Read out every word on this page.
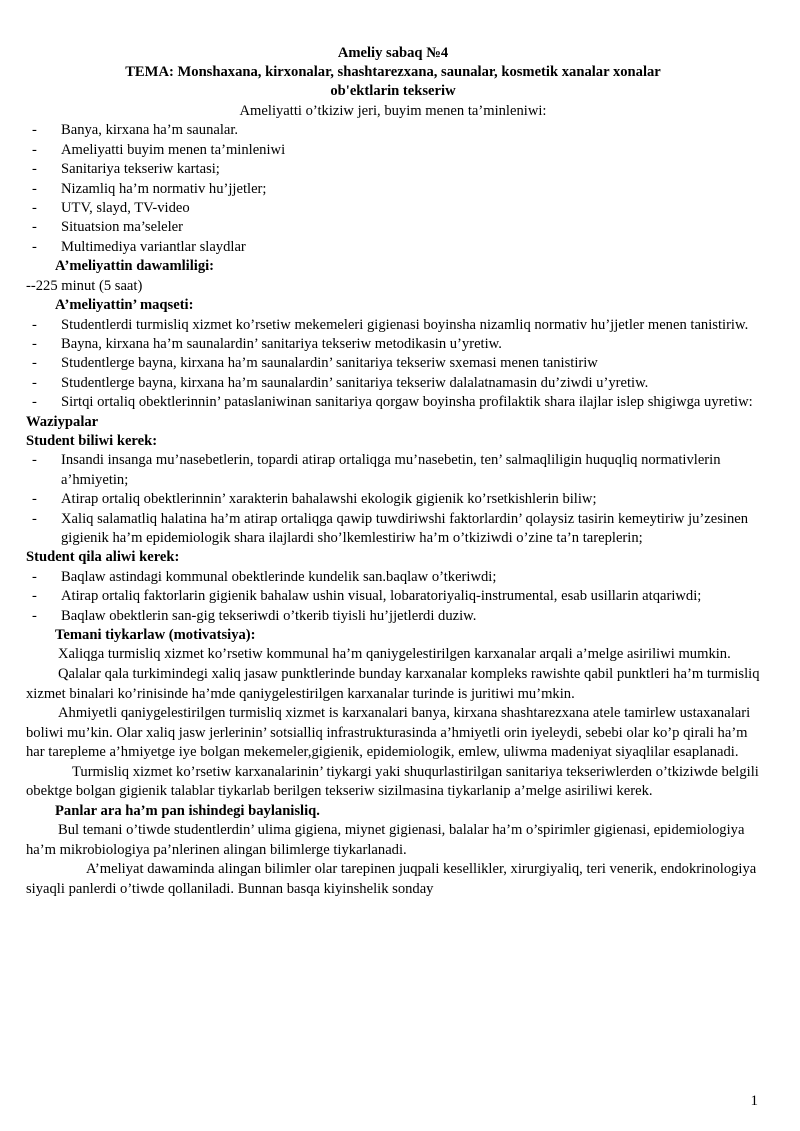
Ameliy sabaq №4
TEMA: Monshaxana, kirxonalar, shashtarezxana, saunalar, kosmetik xanalar xonalar
ob'ektlarin tekseriw
Ameliyatti o’tkiziw jeri, buyim menen ta’minleniwi:
- Banya, kirxana ha’m saunalar.
- Ameliyatti buyim menen ta’minleniwi
- Sanitariya tekseriw kartasi;
- Nizamliq ha’m normativ hu’jjetler;
- UTV, slayd, TV-video
- Situatsion ma’seleler
- Multimediya variantlar slaydlar
A’meliyattin dawamliligi:
--225 minut (5 saat)
A’meliyattin’ maqseti:
- Studentlerdi turmisliq xizmet ko’rsetiw mekemeleri gigienasi boyinsha nizamliq normativ hu’jjetler menen tanistiriw.
- Bayna, kirxana ha’m saunalardin’ sanitariya tekseriw metodikasin u’yretiw.
- Studentlerge bayna, kirxana ha’m saunalardin’ sanitariya tekseriw sxemasi menen tanistiriw
- Studentlerge bayna, kirxana ha’m saunalardin’ sanitariya tekseriw dalalatnamasin du’ziwdi u’yretiw.
- Sirtqi ortaliq obektlerinnin’ pataslaniwinan sanitariya qorgaw boyinsha profilaktik shara ilajlar islep shigiwga uyretiw:
Waziypalar
Student biliwi kerek:
- Insandi insanga mu’nasebetlerin, topardi atirap ortaliqga mu’nasebetin, ten’ salmaqliligin huquqliq normativlerin a’hmiyetin;
- Atirap ortaliq obektlerinnin’ xarakterin bahalawshi ekologik gigienik ko’rsetkishlerin biliw;
- Xaliq salamatliq halatina ha’m atirap ortaliqga qawip tuwdiriwshi faktorlardin’ qolaysiz tasirin kemeytiriw ju’zesinen gigienik ha’m epidemiologik shara ilajlardi sho’lkemlestiriw ha’m o’tkiziwdi o’zine ta’n tareplerin;
Student qila aliwi kerek:
- Baqlaw astindagi kommunal obektlerinde kundelik san.baqlaw o’tkeriwdi;
- Atirap ortaliq faktorlarin gigienik bahalaw ushin visual, lobaratoriyaliq-instrumental, esab usillarin atqariwdi;
- Baqlaw obektlerin san-gig tekseriwdi o’tkerib tiyisli hu’jjetlerdi duziw.
Temani tiykarlaw (motivatsiya):
Xaliqga turmisliq xizmet ko’rsetiw kommunal ha’m qaniygelestirilgen karxanalar arqali a’melge asiriliwi mumkin.
Qalalar qala turkimindegi xaliq jasaw punktlerinde bunday karxanalar kompleks rawishte qabil punktleri ha’m turmisliq xizmet binalari ko’rinisinde ha’mde qaniygelestirilgen karxanalar turinde is juritiwi mu’mkin.
Ahmiyetli qaniygelestirilgen turmisliq xizmet is karxanalari banya, kirxana shashtarezxana atele tamirlew ustaxanalari boliwi mu’kin. Olar xaliq jasw jerlerinin’ sotsialliq infrastrukturasinda a’hmiyetli orin iyeleydi, sebebi olar ko’p qirali ha’m har tarepleme a’hmiyetge iye bolgan mekemeler,gigienik, epidemiologik, emlew, uliwma madeniyat siyaqlilar esaplanadi.
Turmisliq xizmet ko’rsetiw karxanalarinin’ tiykargi yaki shuqurlastirilgan sanitariya tekseriwlerden o’tkiziwde belgili obektge bolgan gigienik talablar tiykarlab berilgen tekseriw sizilmasina tiykarlanip a’melge asiriliwi kerek.
Panlar ara ha’m pan ishindegi baylanisliq.
Bul temani o’tiwde studentlerdin’ ulima gigiena, miynet gigienasi, balalar ha’m o’spirimler gigienasi, epidemiologiya ha’m mikrobiologiya pa’nlerinen alingan bilimlerge tiykarlanadi.
A’meliyat dawaminda alingan bilimler olar tarepinen juqpali kesellikler, xirurgiyaliq, teri venerik, endokrinologiya siyaqli panlerdi o’tiwde qollaniladi. Bunnan basqa kiyinshelik sonday
1
